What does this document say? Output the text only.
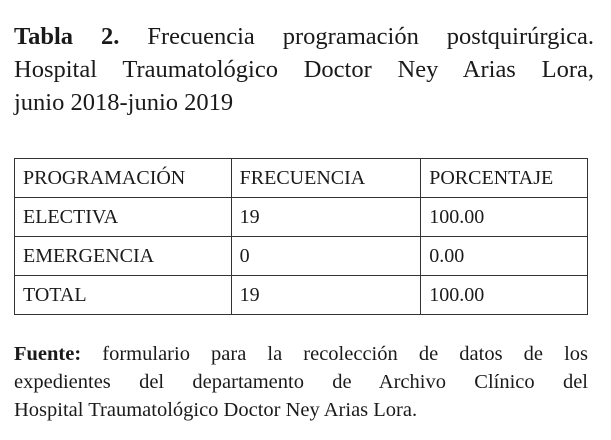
Tabla 2. Frecuencia programación postquirúrgica.
Hospital Traumatológico Doctor Ney Arias Lora,
junio 2018-junio 2019
PROGRAMACIÓN	FRECUENCIA	PORCENTAJE
ELECTIVA	19	100.00
EMERGENCIA	0	0.00
TOTAL	19	100.00
Fuente: formulario para la recolección de datos de los
expedientes del departamento de Archivo Clínico del
Hospital Traumatológico Doctor Ney Arias Lora.
